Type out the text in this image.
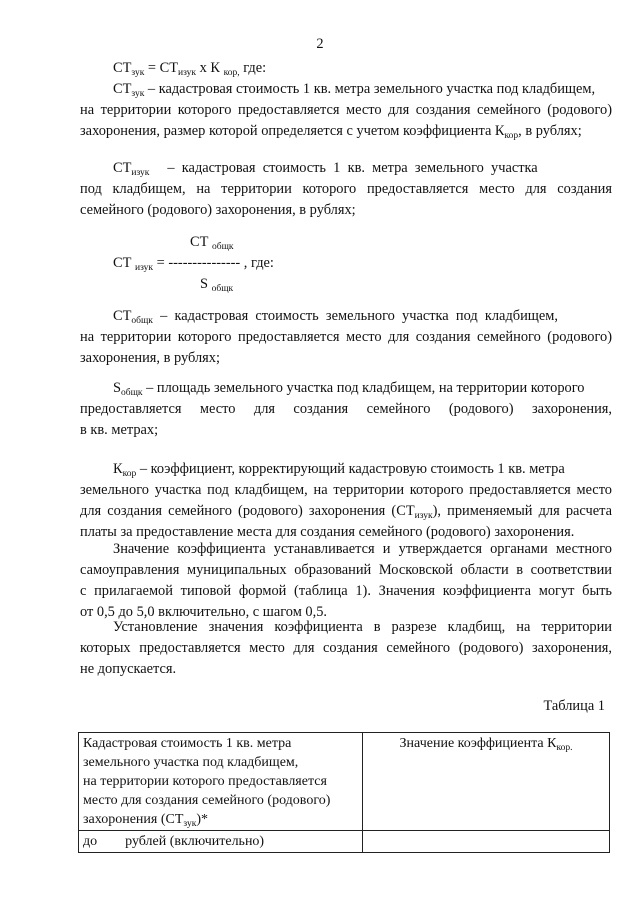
2
$СТ_{зук} = СТ_{изук}$ х К $_{кор,}$ где:

$СТ_{зук}$ – кадастровая стоимость 1 кв. метра земельного участка под кладбищем,

на территории которого предоставляется место для создания семейного (родового)

захоронения, размер которой определяется с учетом коэффициента $К_{кор}$, в рублях;

$СТ_{изук}$     –  кадастровая  стоимость  1  кв.  метра  земельного  участка

под кладбищем, на территории которого предоставляется место для создания

семейного (родового) захоронения, в рублях;

СТ $_{общк}$
СТ $_{изук}$ = --------------- , где:
S $_{общк}$

$СТ_{общк}$  –  кадастровая  стоимость  земельного  участка  под  кладбищем,

на территории которого предоставляется место для создания семейного (родового)

захоронения, в рублях;

$S_{общк}$ – площадь земельного участка под кладбищем, на территории которого

предоставляется место для создания семейного (родового) захоронения,

в кв. метрах;

$К_{кор}$ – коэффициент, корректирующий кадастровую стоимость 1 кв. метра

земельного участка под кладбищем, на территории которого предоставляется место

для создания семейного (родового) захоронения $(СТ_{изук})$, применяемый для расчета

платы за предоставление места для создания семейного (родового) захоронения.

Значение коэффициента устанавливается и утверждается органами местного

самоуправления муниципальных образований Московской области в соответствии

с прилагаемой типовой формой (таблица 1). Значения коэффициента могут быть

от 0,5 до 5,0 включительно, с шагом 0,5.

Установление значения коэффициента в разрезе кладбищ, на территории

которых предоставляется место для создания семейного (родового) захоронения,

не допускается.

Таблица 1
Кадастровая стоимость 1 кв. метра
земельного участка под кладбищем,
на территории которого предоставляется
место для создания семейного (родового)
захоронения $(СТ_{зук})*$	Значение коэффициента $К_{кор.}$
до        рублей (включительно)	
